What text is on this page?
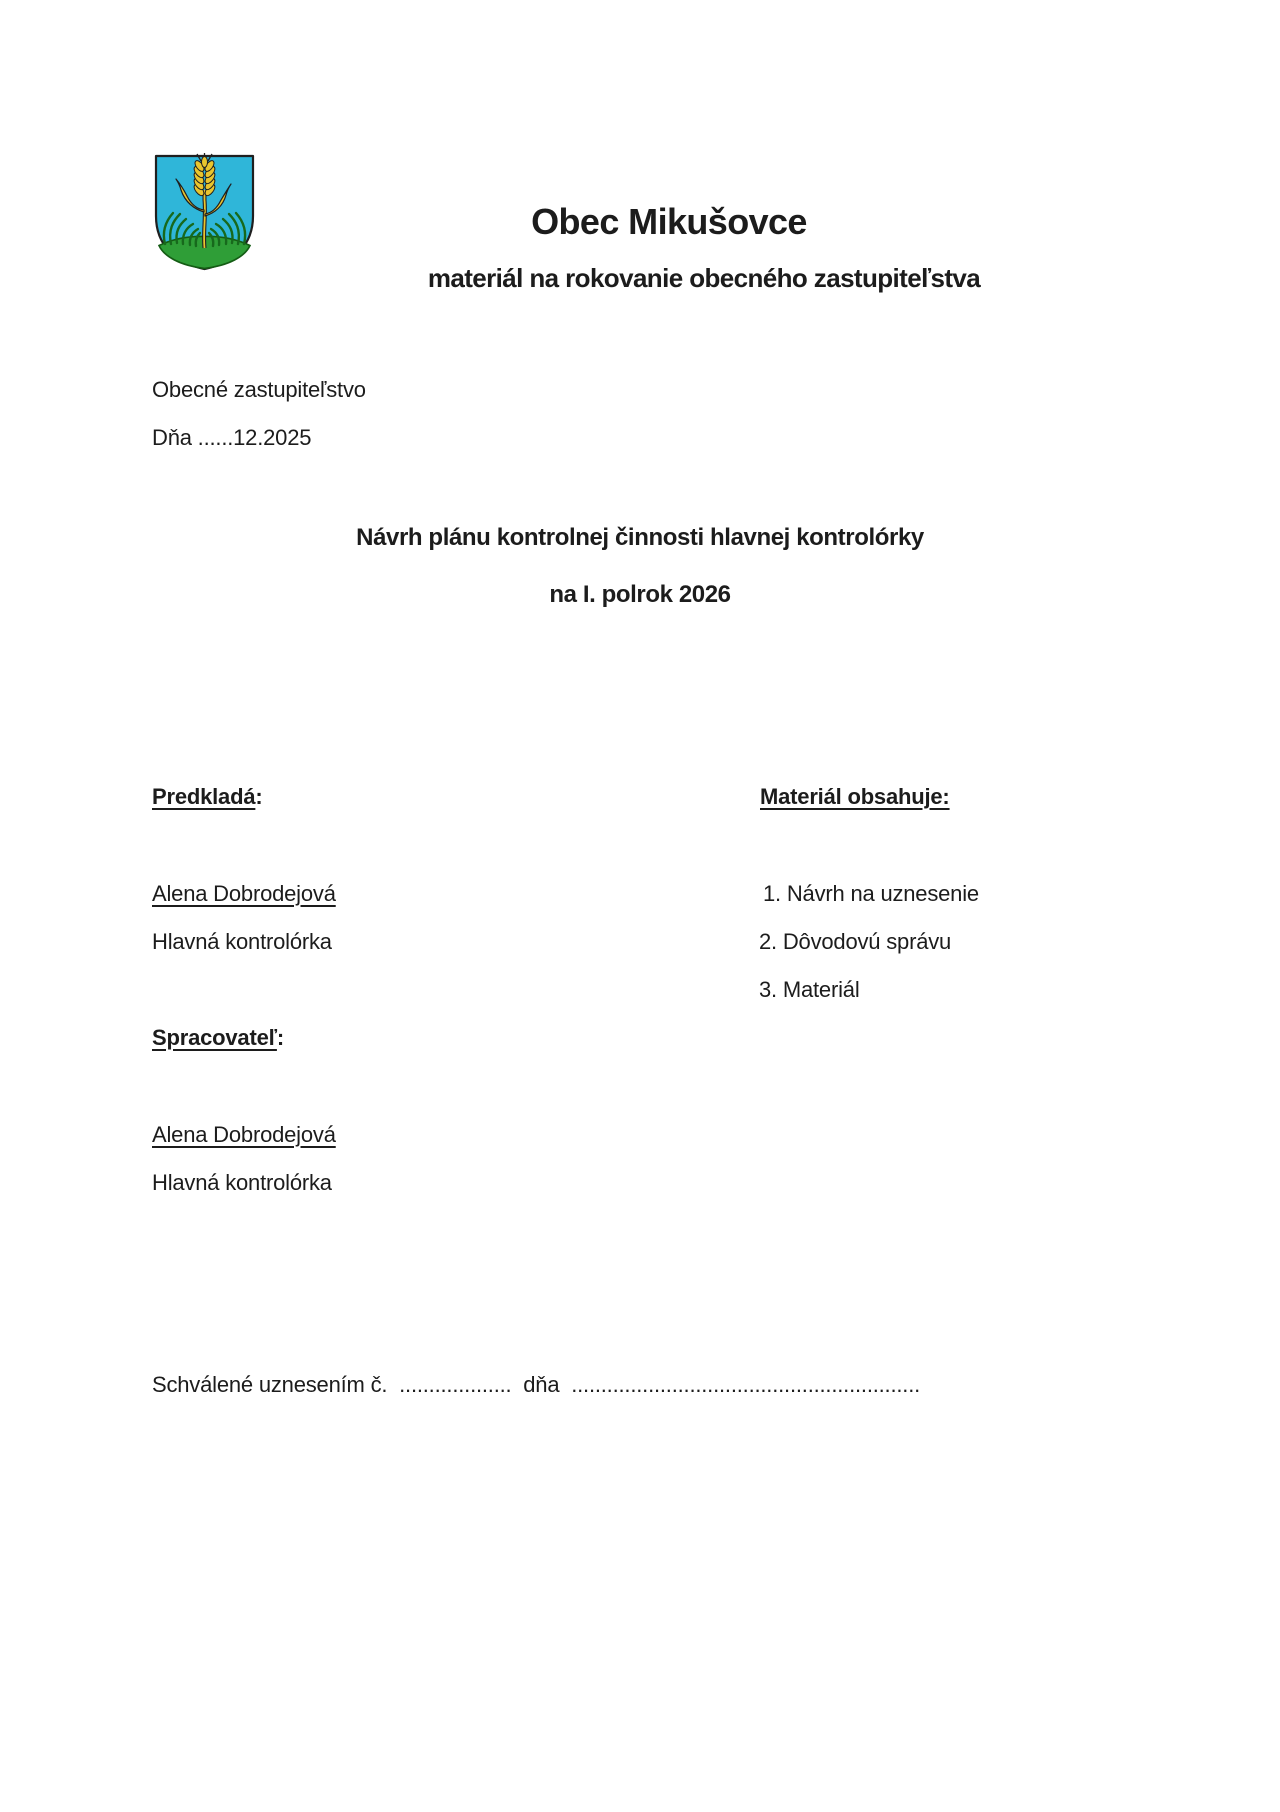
Obec Mikušovce
materiál na rokovanie obecného zastupiteľstva
Obecné zastupiteľstvo
Dňa ......12.2025
Návrh plánu kontrolnej činnosti hlavnej kontrolórky
na I. polrok 2026
Predkladá:	Materiál obsahuje:
Alena Dobrodejová
Hlavná kontrolórka
1. Návrh na uznesenie
2. Dôvodovú správu
3. Materiál
Spracovateľ:
Alena Dobrodejová
Hlavná kontrolórka
Schválené uznesením č.  ...................  dňa  ...........................................................
